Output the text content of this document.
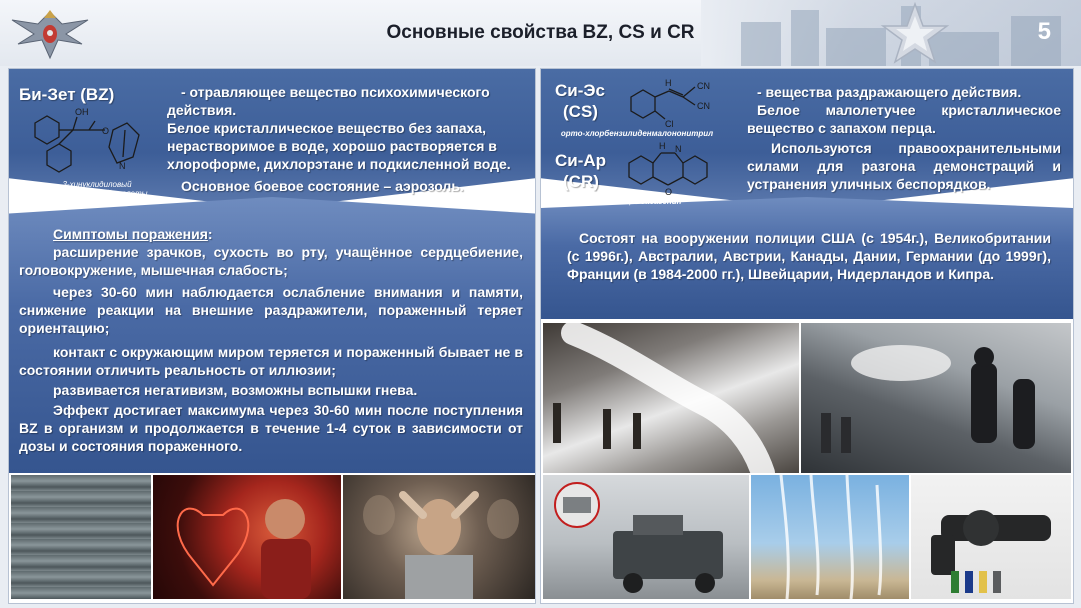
Основные свойства BZ, CS и CR	5
Би-Зет (BZ)
OH
O
N
3-хинуклидиловый
эфир бензиловой кислоты
- отравляющее вещество психохимического
действия.
Белое кристаллическое вещество без запаха,
нерастворимое в воде, хорошо растворяется в
хлороформе, дихлорэтане и подкисленной воде.
Основное боевое состояние – аэрозоль.
Симптомы поражения:
расширение зрачков, сухость во рту, учащённое сердцебиение, головокружение, мышечная слабость;
через 30-60 мин наблюдается ослабление внимания и памяти, снижение реакции на внешние раздражители, пораженный теряет ориентацию;
контакт с окружающим миром теряется и пораженный бывает не в состоянии отличить реальность от иллюзии;
развивается негативизм, возможны вспышки гнева.
Эффект достигает максимума через 30-60 мин после поступления BZ в организм и продолжается в течение 1-4 суток в зависимости от дозы и состояния пораженного.
Си-Эс
(CS)
H	CN
CN
Cl
орто-хлорбензилиденмалононитрил
Си-Ар
(CR)
H N
O
1,4 -оксазепин
- вещества раздражающего действия.
Белое малолетучее кристаллическое вещество с запахом перца.
Используются правоохранительными силами для разгона демонстраций и устранения уличных беспорядков.
Состоят на вооружении полиции США (с 1954г.), Великобритании (с 1996г.), Австралии, Австрии, Канады, Дании, Германии (до 1999г), Франции (в 1984-2000 гг.), Швейцарии, Нидерландов и Кипра.
